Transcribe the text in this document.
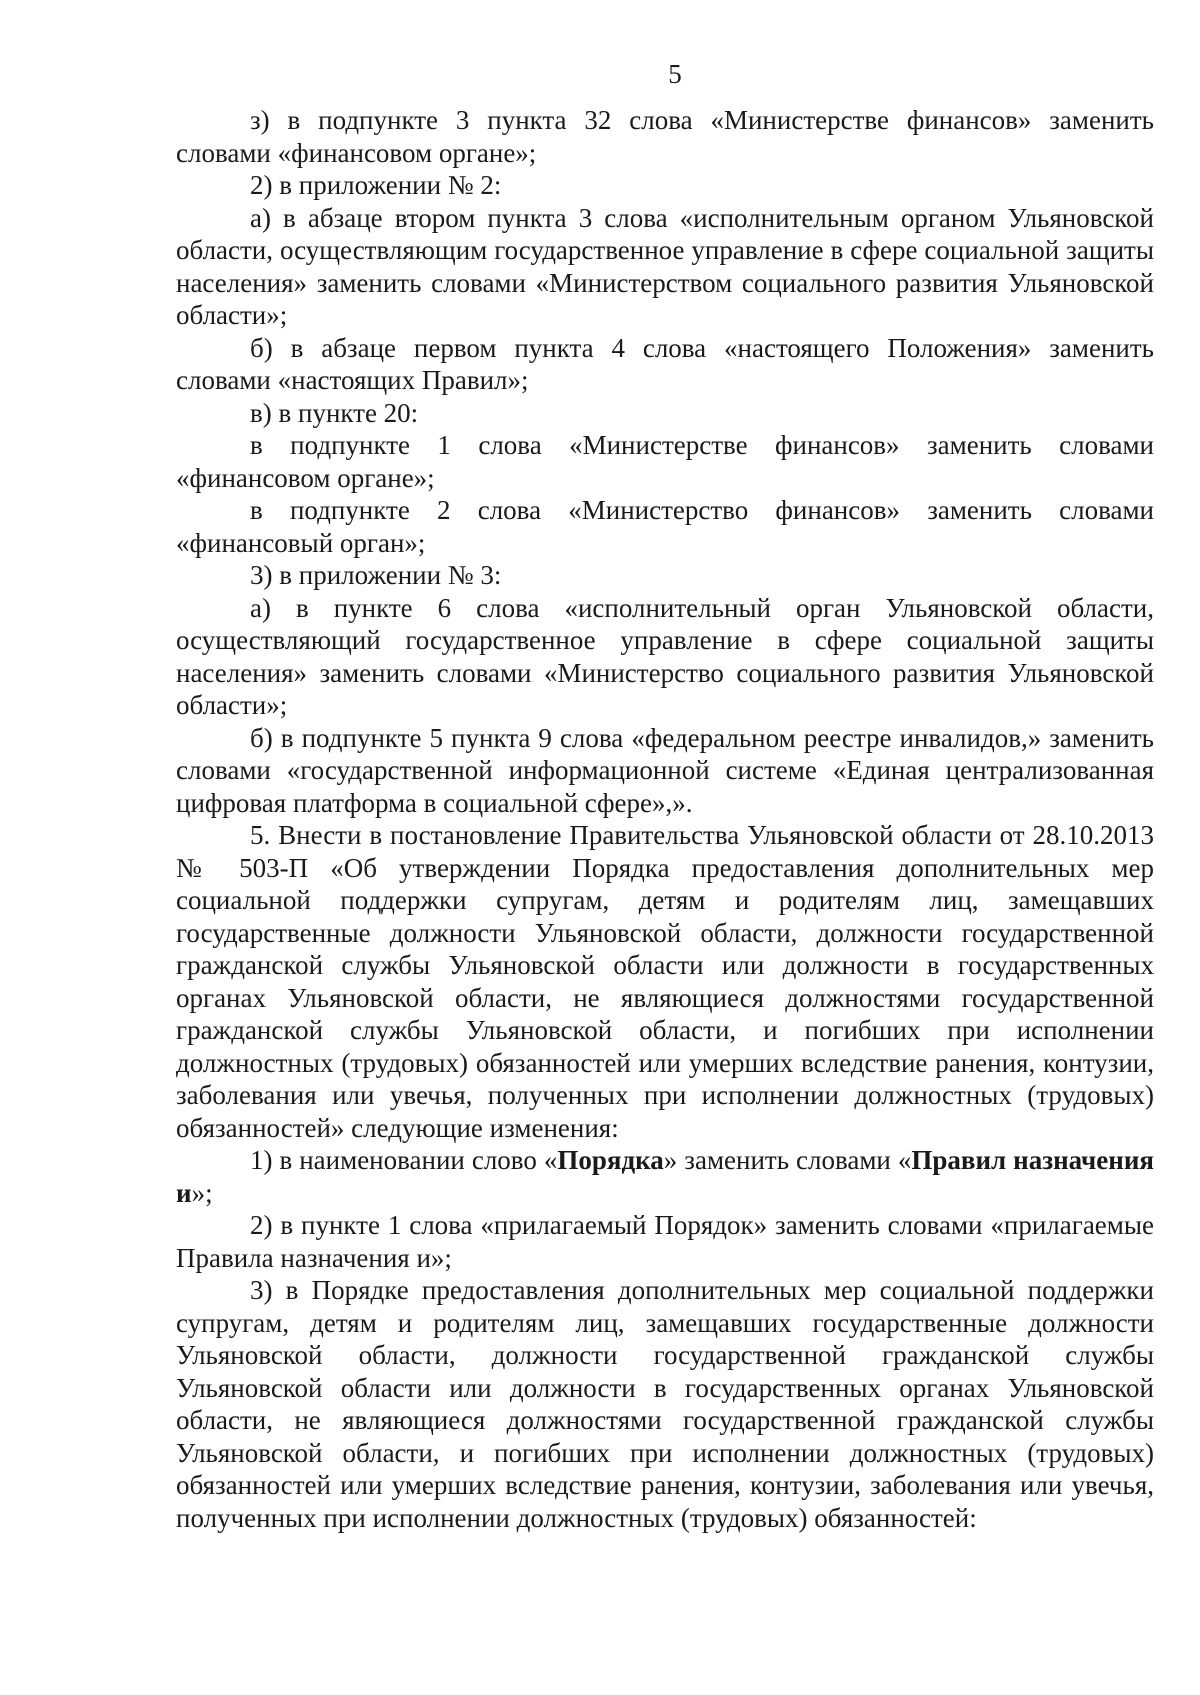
5

з) в подпункте 3 пункта 32 слова «Министерстве финансов» заменить словами «финансовом органе»;

2) в приложении № 2:

а) в абзаце втором пункта 3 слова «исполнительным органом Ульяновской области, осуществляющим государственное управление в сфере социальной защиты населения» заменить словами «Министерством социального развития Ульяновской области»;

б) в абзаце первом пункта 4 слова «настоящего Положения» заменить словами «настоящих Правил»;

в) в пункте 20:

в подпункте 1 слова «Министерстве финансов» заменить словами «финансовом органе»;

в подпункте 2 слова «Министерство финансов» заменить словами «финансовый орган»;

3) в приложении № 3:

а) в пункте 6 слова «исполнительный орган Ульяновской области, осуществляющий государственное управление в сфере социальной защиты населения» заменить словами «Министерство социального развития Ульяновской области»;

б) в подпункте 5 пункта 9 слова «федеральном реестре инвалидов,» заменить словами «государственной информационной системе «Единая централизованная цифровая платформа в социальной сфере»,».

5. Внести в постановление Правительства Ульяновской области от 28.10.2013 № 503-П «Об утверждении Порядка предоставления дополнительных мер социальной поддержки супругам, детям и родителям лиц, замещавших государственные должности Ульяновской области, должности государственной гражданской службы Ульяновской области или должности в государственных органах Ульяновской области, не являющиеся должностями государственной гражданской службы Ульяновской области, и погибших при исполнении должностных (трудовых) обязанностей или умерших вследствие ранения, контузии, заболевания или увечья, полученных при исполнении должностных (трудовых) обязанностей» следующие изменения:

1) в наименовании слово «Порядка» заменить словами «Правил назначения и»;

2) в пункте 1 слова «прилагаемый Порядок» заменить словами «прилагаемые Правила назначения и»;

3) в Порядке предоставления дополнительных мер социальной поддержки супругам, детям и родителям лиц, замещавших государственные должности Ульяновской области, должности государственной гражданской службы Ульяновской области или должности в государственных органах Ульяновской области, не являющиеся должностями государственной гражданской службы Ульяновской области, и погибших при исполнении должностных (трудовых) обязанностей или умерших вследствие ранения, контузии, заболевания или увечья, полученных при исполнении должностных (трудовых) обязанностей:
